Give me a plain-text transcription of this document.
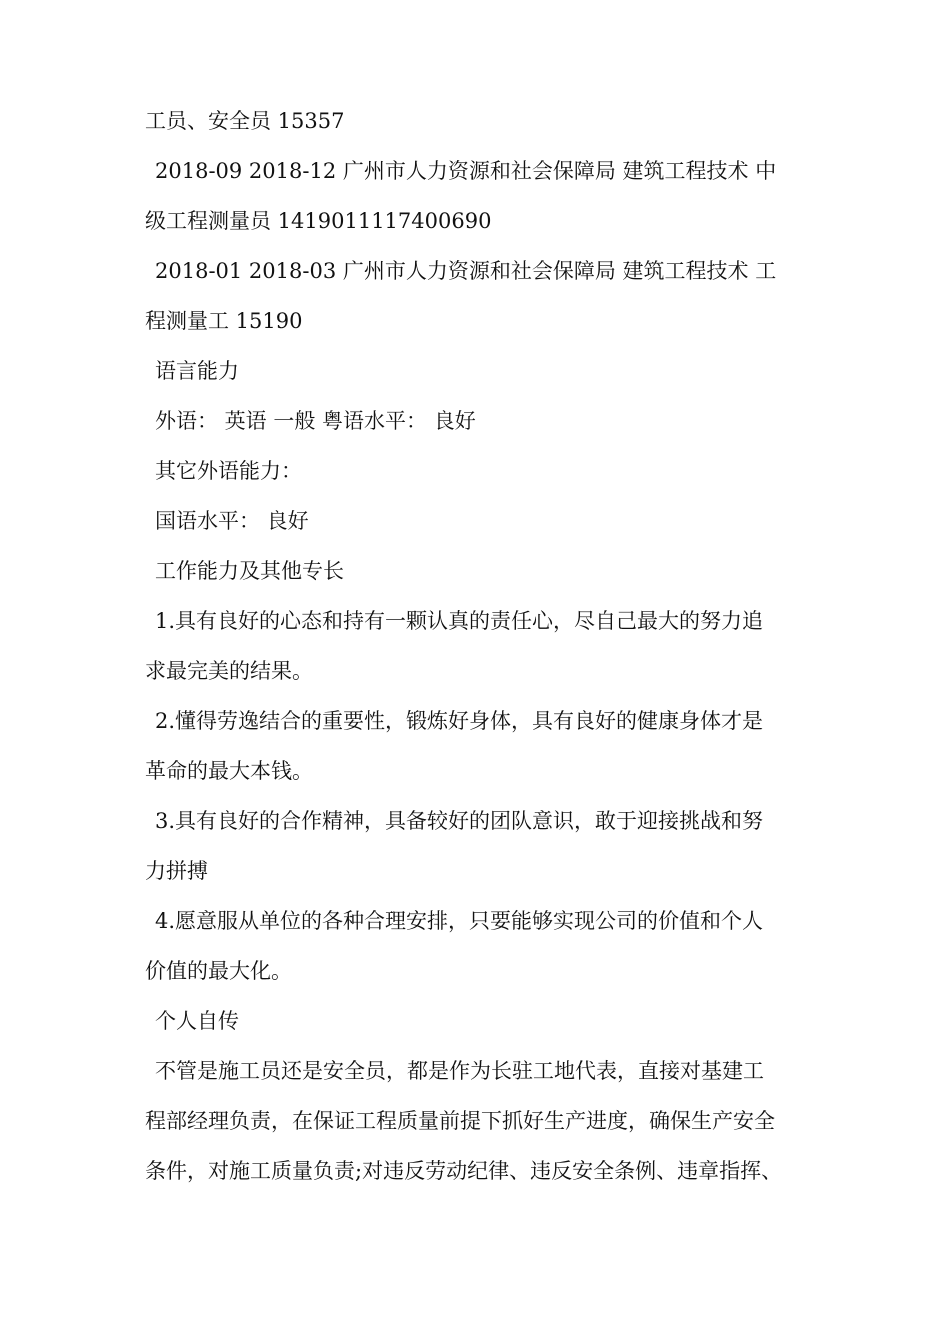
工员、安全员 15357
2018-09 2018-12 广州市人力资源和社会保障局 建筑工程技术 中
级工程测量员 1419011117400690
2018-01 2018-03 广州市人力资源和社会保障局 建筑工程技术 工
程测量工 15190
语言能力
外语： 英语 一般 粤语水平： 良好
其它外语能力：
国语水平： 良好
工作能力及其他专长
1.具有良好的心态和持有一颗认真的责任心，尽自己最大的努力追
求最完美的结果。
2.懂得劳逸结合的重要性，锻炼好身体，具有良好的健康身体才是
革命的最大本钱。
3.具有良好的合作精神，具备较好的团队意识，敢于迎接挑战和努
力拼搏
4.愿意服从单位的各种合理安排，只要能够实现公司的价值和个人
价值的最大化。
个人自传
不管是施工员还是安全员，都是作为长驻工地代表，直接对基建工
程部经理负责，在保证工程质量前提下抓好生产进度，确保生产安全
条件，对施工质量负责;对违反劳动纪律、违反安全条例、违章指挥、
